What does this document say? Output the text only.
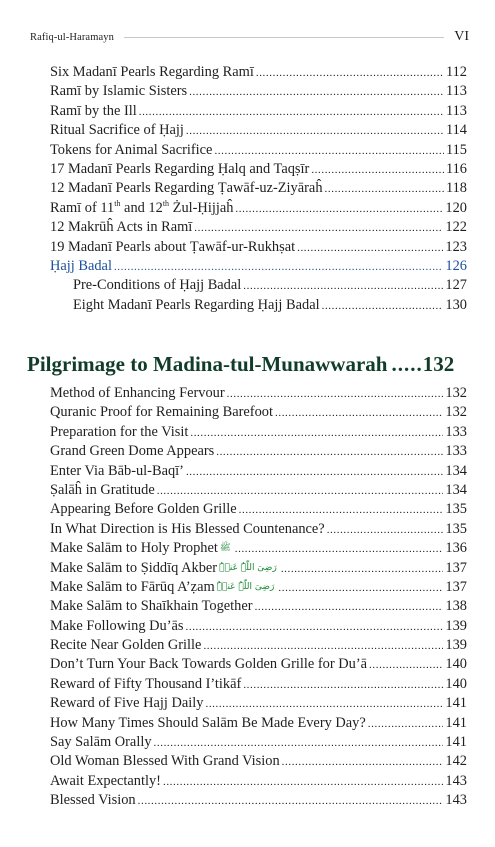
Rafiq-ul-Haramayn	VI
Six Madanī Pearls Regarding Ramī .....	112
Ramī by Islamic Sisters .....	113
Ramī by the Ill .....	113
Ritual Sacrifice of Ḥajj .....	114
Tokens for Animal Sacrifice .....	115
17 Madanī Pearls Regarding Ḥalq and Taqṣīr .....	116
12 Madanī Pearls Regarding Ṭawāf-uz-Ziyāraĥ .....	118
Ramī of 11th and 12th Żul-Ḥijjaĥ .....	120
12 Makrūĥ Acts in Ramī .....	122
19 Madanī Pearls about Ṭawāf-ur-Rukhṣat .....	123
Ḥajj Badal .....	126
Pre-Conditions of Ḥajj Badal .....	127
Eight Madanī Pearls Regarding Ḥajj Badal .....	130
Pilgrimage to Madina-tul-Munawwarah ..... 132
Method of Enhancing Fervour .....	132
Quranic Proof for Remaining Barefoot .....	132
Preparation for the Visit .....	133
Grand Green Dome Appears .....	133
Enter Via Bāb-ul-Baqī’ .....	134
Ṣalāĥ in Gratitude .....	134
Appearing Before Golden Grille .....	135
In What Direction is His Blessed Countenance? .....	135
Make Salām to Holy Prophet ﷺ .....	136
Make Salām to Ṣiddīq Akber رَضِیَ اللّٰہُ عَنۡہُ .....	137
Make Salām to Fārūq A’ẓam رَضِیَ اللّٰہُ عَنۡہُ .....	137
Make Salām to Shaīkhain Together .....	138
Make Following Du’ās .....	139
Recite Near Golden Grille .....	139
Don’t Turn Your Back Towards Golden Grille for Du’ā .....	140
Reward of Fifty Thousand I’tikāf .....	140
Reward of Five Hajj Daily .....	141
How Many Times Should Salām Be Made Every Day? .....	141
Say Salām Orally .....	141
Old Woman Blessed With Grand Vision .....	142
Await Expectantly! .....	143
Blessed Vision .....	143
